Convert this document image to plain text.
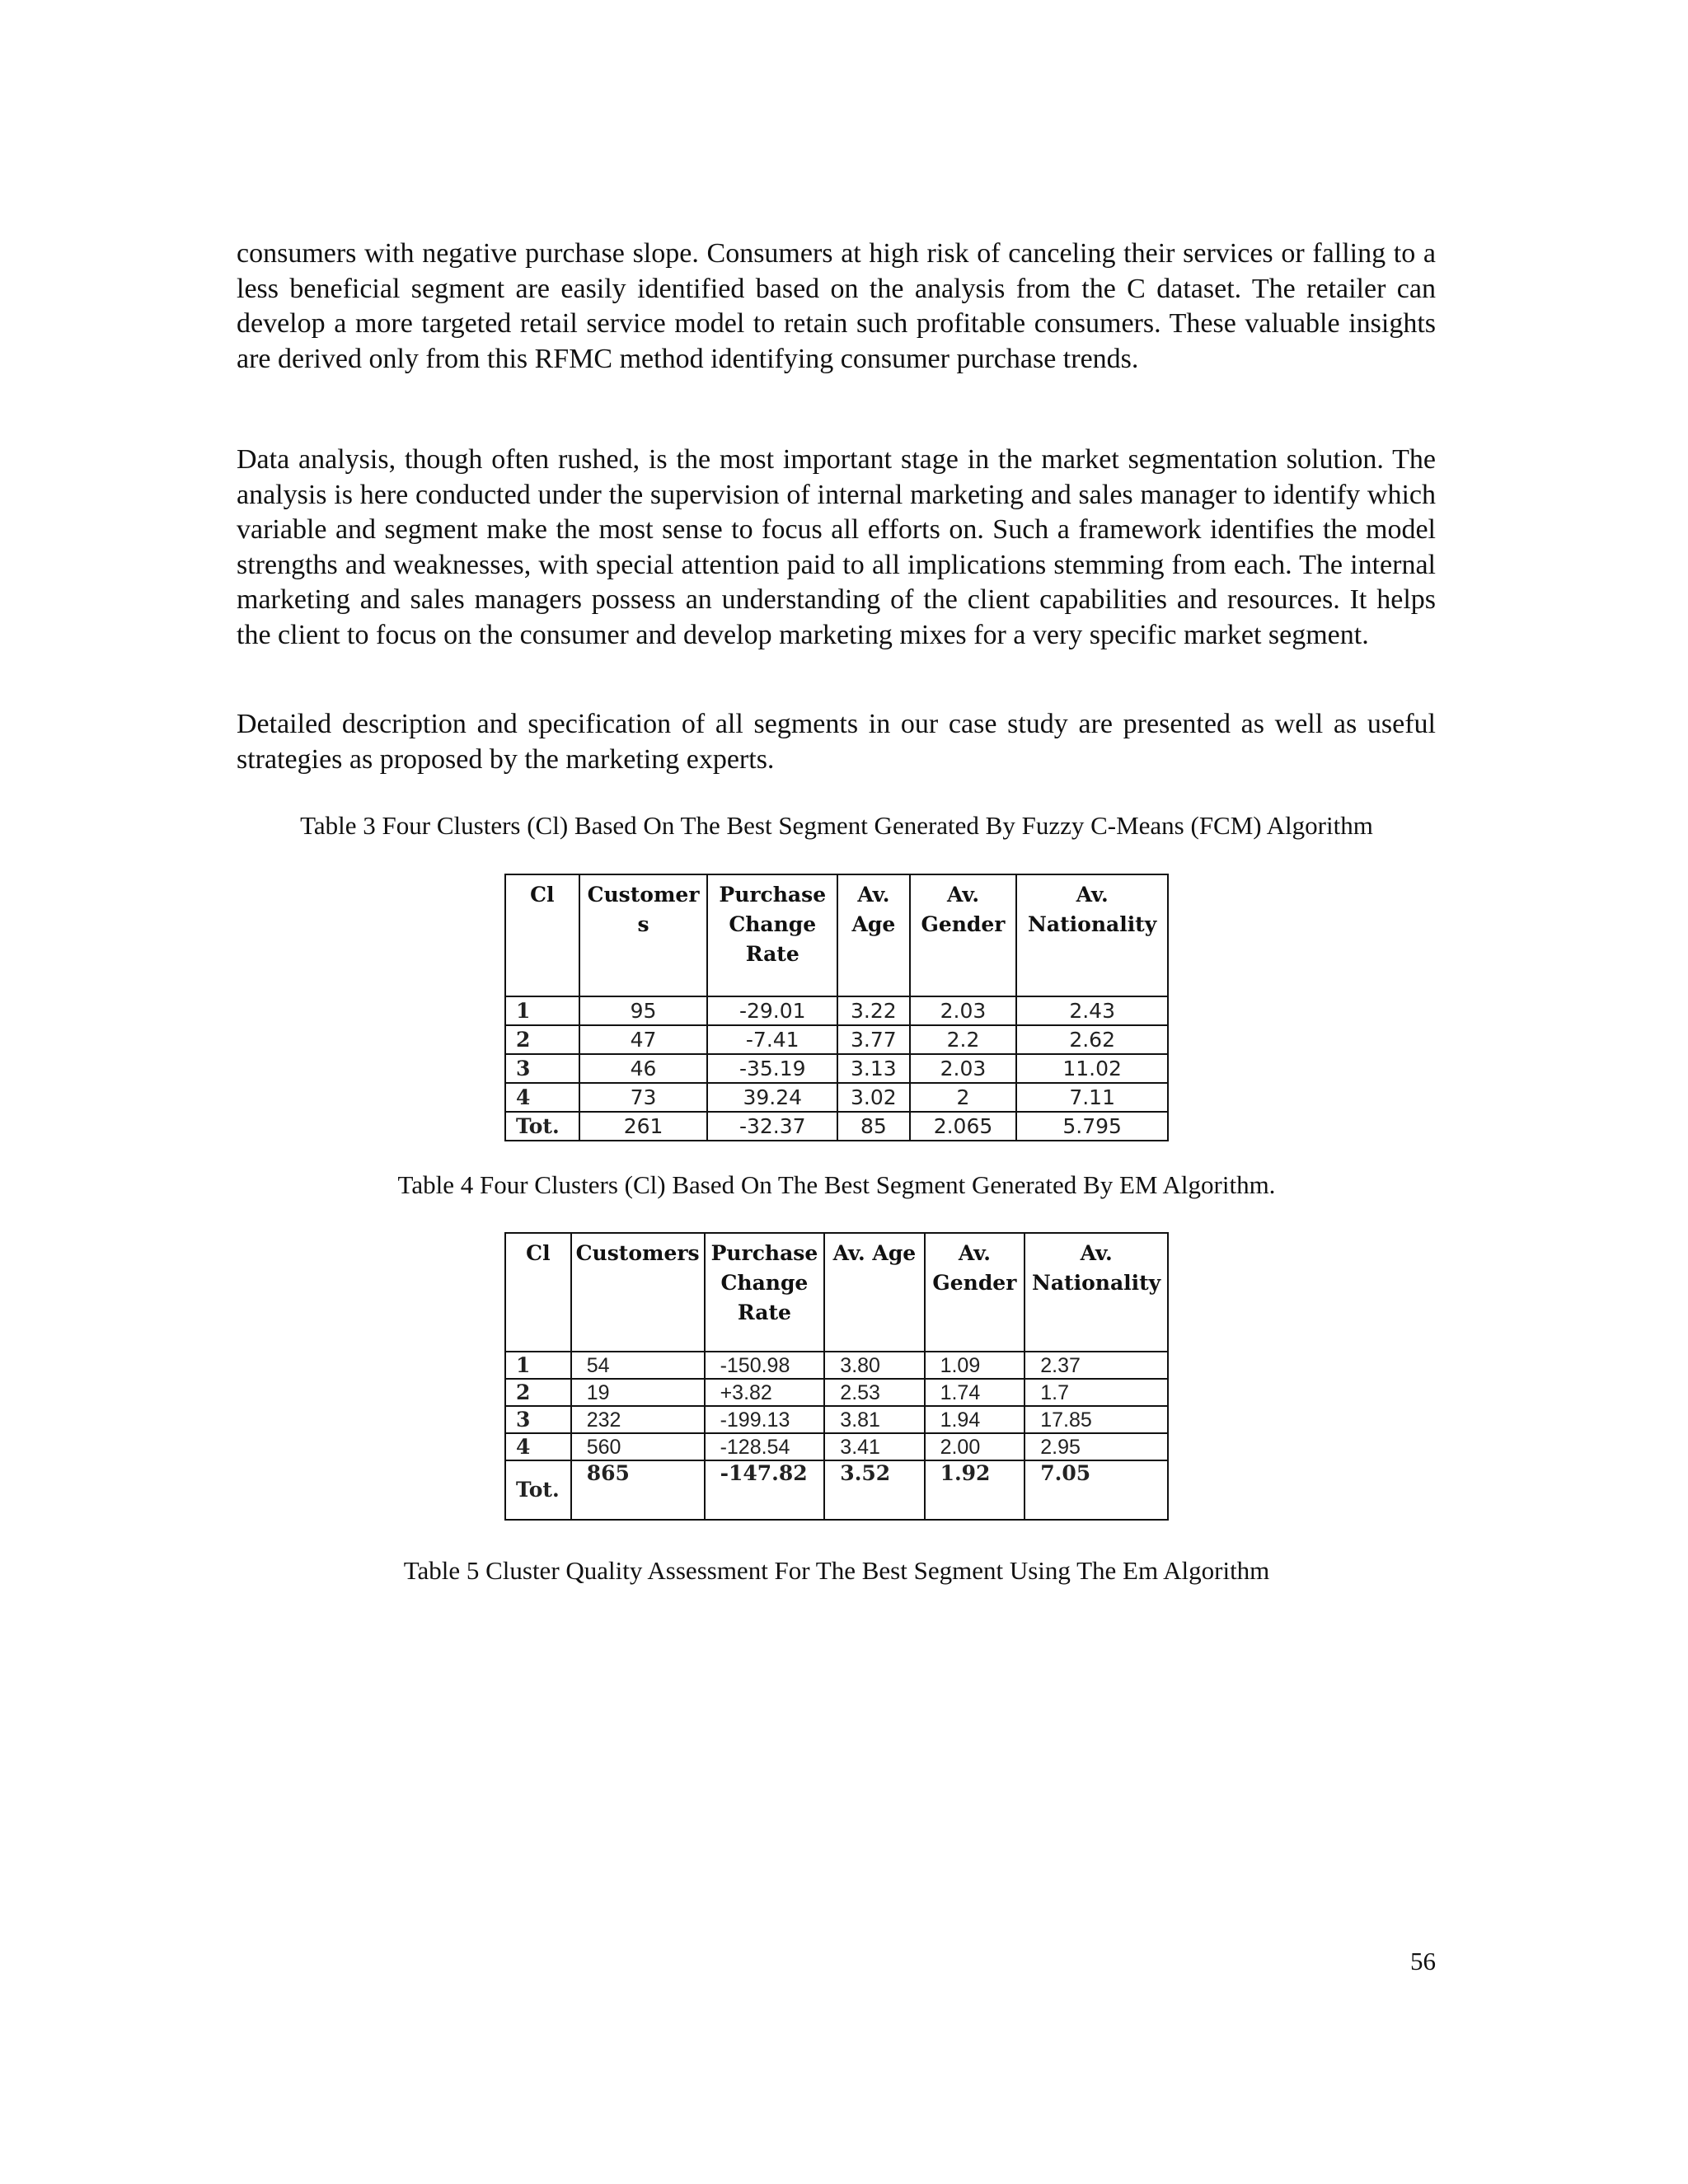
consumers with negative purchase slope. Consumers at high risk of canceling their services or falling to a less beneficial segment are easily identified based on the analysis from the C dataset. The retailer can develop a more targeted retail service model to retain such profitable consumers. These valuable insights are derived only from this RFMC method identifying consumer purchase trends.

Data analysis, though often rushed, is the most important stage in the market segmentation solution. The analysis is here conducted under the supervision of internal marketing and sales manager to identify which variable and segment make the most sense to focus all efforts on. Such a framework identifies the model strengths and weaknesses, with special attention paid to all implications stemming from each. The internal marketing and sales managers possess an understanding of the client capabilities and resources. It helps the client to focus on the consumer and develop marketing mixes for a very specific market segment.

Detailed description and specification of all segments in our case study are presented as well as useful strategies as proposed by the marketing experts.

Table 3 Four Clusters (Cl) Based On The Best Segment Generated By Fuzzy C-Means (FCM) Algorithm

Cl	Customer s	Purchase Change Rate	Av. Age	Av. Gender	Av. Nationality
1	95	-29.01	3.22	2.03	2.43
2	47	-7.41	3.77	2.2	2.62
3	46	-35.19	3.13	2.03	11.02
4	73	39.24	3.02	2	7.11
Tot.	261	-32.37	85	2.065	5.795

Table 4 Four Clusters (Cl) Based On The Best Segment Generated By EM Algorithm.

Cl	Customers	Purchase Change Rate	Av. Age	Av. Gender	Av. Nationality
1	54	-150.98	3.80	1.09	2.37
2	19	+3.82	2.53	1.74	1.7
3	232	-199.13	3.81	1.94	17.85
4	560	-128.54	3.41	2.00	2.95
Tot.	865	-147.82	3.52	1.92	7.05

Table 5 Cluster Quality Assessment For The Best Segment Using The Em Algorithm

56
